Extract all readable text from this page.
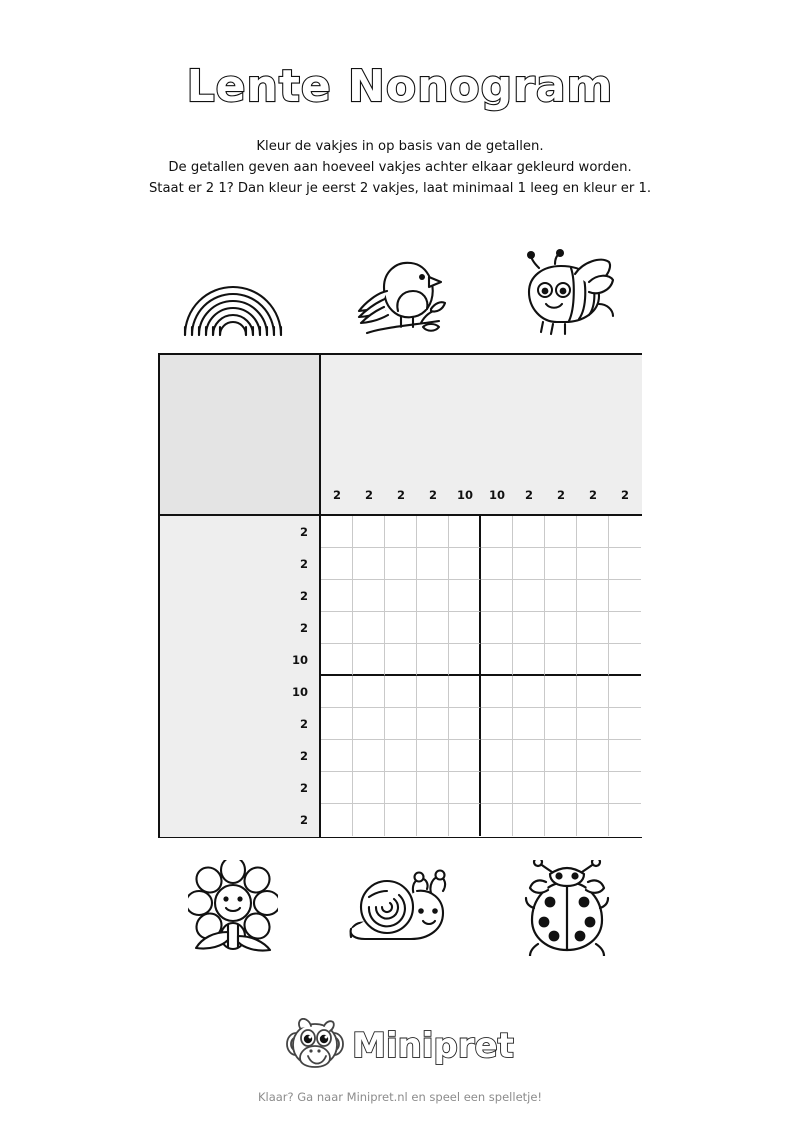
Lente Nonogram
Kleur de vakjes in op basis van de getallen.
De getallen geven aan hoeveel vakjes achter elkaar gekleurd worden.
Staat er 2 1? Dan kleur je eerst 2 vakjes, laat minimaal 1 leeg en kleur er 1.
2	2	2	2	10	10	2	2	2	2
2
2
2
2
10
10
2
2
2
2
Minipret
Klaar? Ga naar Minipret.nl en speel een spelletje!
